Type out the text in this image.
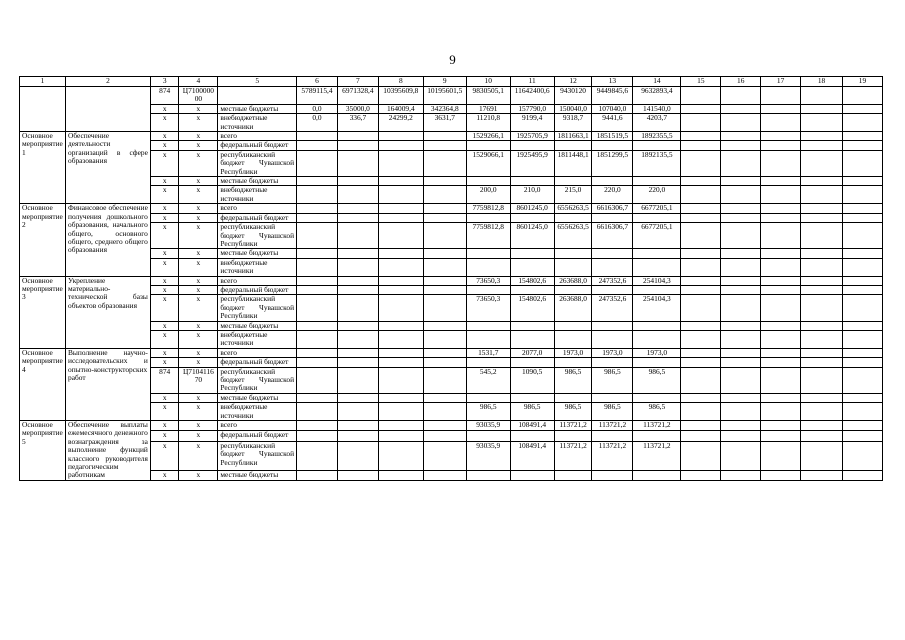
9
1	2	3	4	5	6	7	8	9	10	11	12	13	14	15	16	17	18	19
		874	Ц7100000 00		5789115,4	6971328,4	10395609,8	10195601,5	9830505,1	11642400,6	9430120	9449845,6	9632893,4					
		х	х	местные бюджеты	0,0	35000,0	164009,4	342364,8	17691	157790,0	150040,0	107040,0	141540,0					
		х	х	внебюджетные источники	0,0	336,7	24299,2	3631,7	11210,8	9199,4	9318,7	9441,6	4203,7					
Основное мероприятие 1	Обеспечение деятельности организаций в сфере образования	х	х	всего					1529266,1	1925705,9	1811663,1	1851519,5	1892355,5					
		х	х	федеральный бюджет														
		х	х	республиканский бюджет Чувашской Республики					1529066,1	1925495,9	1811448,1	1851299,5	1892135,5					
		х	х	местные бюджеты														
		х	х	внебюджетные источники					200,0	210,0	215,0	220,0	220,0					
Основное мероприятие 2	Финансовое обеспечение получения дошкольного образования, начального общего, основного общего, среднего общего образования	х	х	всего					7759812,8	8601245,0	6556263,5	6616306,7	6677205,1					
		х	х	федеральный бюджет														
		х	х	республиканский бюджет Чувашской Республики					7759812,8	8601245,0	6556263,5	6616306,7	6677205,1					
		х	х	местные бюджеты														
		х	х	внебюджетные источники														
Основное мероприятие 3	Укрепление материально-технической базы объектов образования	х	х	всего					73650,3	154802,6	263688,0	247352,6	254104,3					
		х	х	федеральный бюджет														
		х	х	республиканский бюджет Чувашской Республики					73650,3	154802,6	263688,0	247352,6	254104,3					
		х	х	местные бюджеты														
		х	х	внебюджетные источники														
Основное мероприятие 4	Выполнение научно-исследовательских и опытно-конструкторских работ	х	х	всего					1531,7	2077,0	1973,0	1973,0	1973,0					
		х	х	федеральный бюджет														
		874	Ц7104116 70	республиканский бюджет Чувашской Республики					545,2	1090,5	986,5	986,5	986,5					
		х	х	местные бюджеты														
		х	х	внебюджетные источники					986,5	986,5	986,5	986,5	986,5					
Основное мероприятие 5	Обеспечение выплаты ежемесячного денежного вознаграждения за выполнение функций классного руководителя педагогическим работникам	х	х	всего					93035,9	108491,4	113721,2	113721,2	113721,2					
		х	х	федеральный бюджет														
		х	х	республиканский бюджет Чувашской Республики					93035,9	108491,4	113721,2	113721,2	113721,2					
		х	х	местные бюджеты														
